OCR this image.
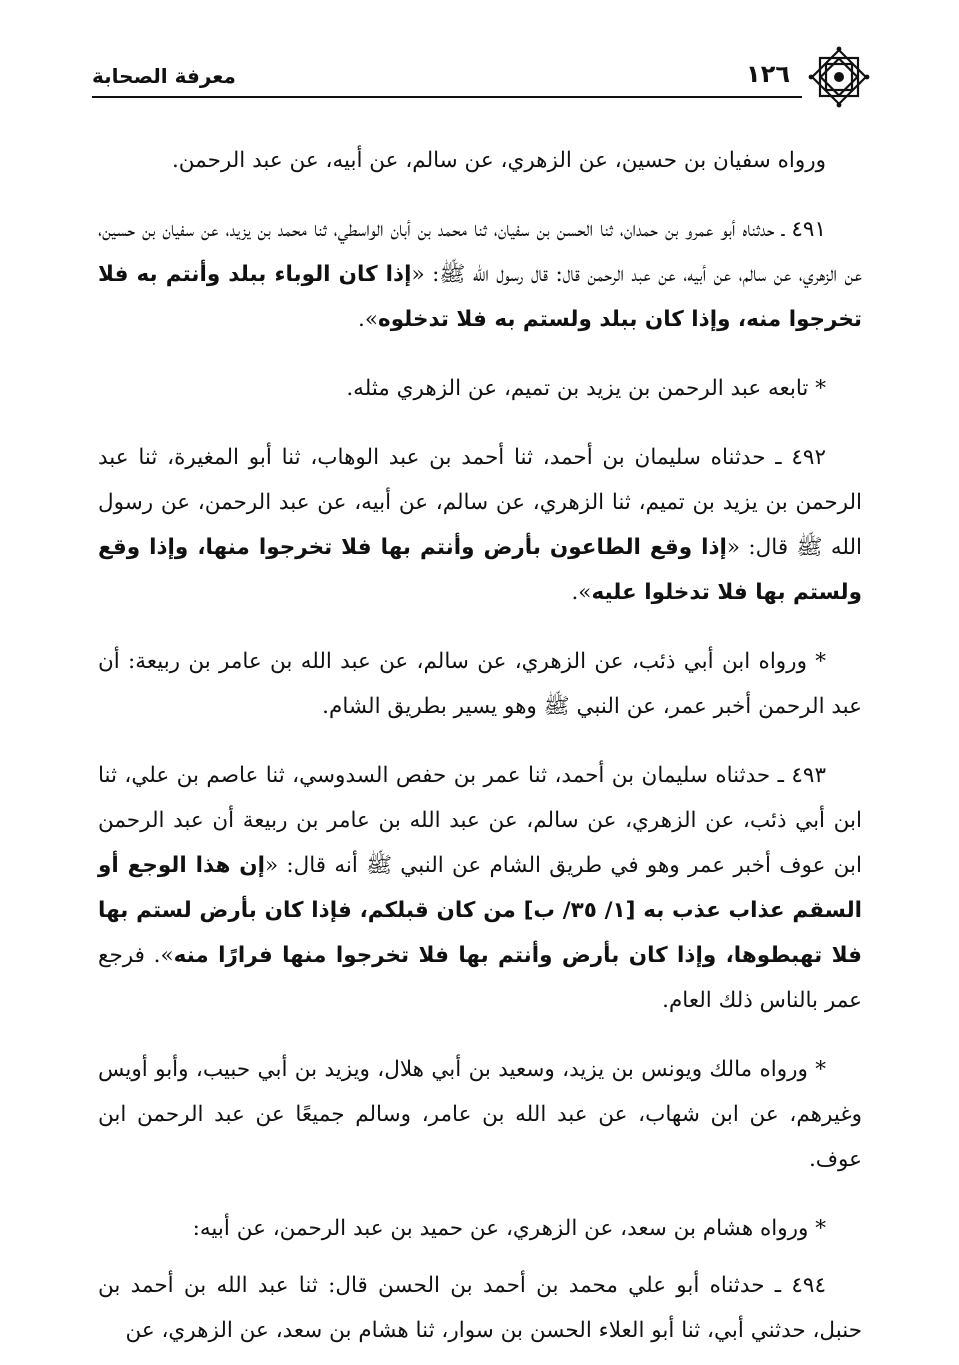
معرفة الصحابة	١٢٦

ورواه سفيان بن حسين، عن الزهري، عن سالم، عن أبيه، عن عبد الرحمن.

٤٩١ ـ حدثناه أبو عمرو بن حمدان، ثنا الحسن بن سفيان، ثنا محمد بن أبان الواسطي، ثنا محمد بن يزيد، عن سفيان بن حسين، عن الزهري، عن سالم، عن أبيه، عن عبد الرحمن قال: قال رسول الله ﷺ: «إذا كان الوباء ببلد وأنتم به فلا تخرجوا منه، وإذا كان ببلد ولستم به فلا تدخلوه».

* تابعه عبد الرحمن بن يزيد بن تميم، عن الزهري مثله.

٤٩٢ ـ حدثناه سليمان بن أحمد، ثنا أحمد بن عبد الوهاب، ثنا أبو المغيرة، ثنا عبد الرحمن بن يزيد بن تميم، ثنا الزهري، عن سالم، عن أبيه، عن عبد الرحمن، عن رسول الله ﷺ قال: «إذا وقع الطاعون بأرض وأنتم بها فلا تخرجوا منها، وإذا وقع ولستم بها فلا تدخلوا عليه».

* ورواه ابن أبي ذئب، عن الزهري، عن سالم، عن عبد الله بن عامر بن ربيعة: أن عبد الرحمن أخبر عمر، عن النبي ﷺ وهو يسير بطريق الشام.

٤٩٣ ـ حدثناه سليمان بن أحمد، ثنا عمر بن حفص السدوسي، ثنا عاصم بن علي، ثنا ابن أبي ذئب، عن الزهري، عن سالم، عن عبد الله بن عامر بن ربيعة أن عبد الرحمن ابن عوف أخبر عمر وهو في طريق الشام عن النبي ﷺ أنه قال: «إن هذا الوجع أو السقم عذاب عذب به [١/ ٣٥/ ب] من كان قبلكم، فإذا كان بأرض لستم بها فلا تهبطوها، وإذا كان بأرض وأنتم بها فلا تخرجوا منها فرارًا منه». فرجع عمر بالناس ذلك العام.

* ورواه مالك ويونس بن يزيد، وسعيد بن أبي هلال، ويزيد بن أبي حبيب، وأبو أويس وغيرهم، عن ابن شهاب، عن عبد الله بن عامر، وسالم جميعًا عن عبد الرحمن ابن عوف.

* ورواه هشام بن سعد، عن الزهري، عن حميد بن عبد الرحمن، عن أبيه:

٤٩٤ ـ حدثناه أبو علي محمد بن أحمد بن الحسن قال: ثنا عبد الله بن أحمد بن حنبل، حدثني أبي، ثنا أبو العلاء الحسن بن سوار، ثنا هشام بن سعد، عن الزهري، عن
